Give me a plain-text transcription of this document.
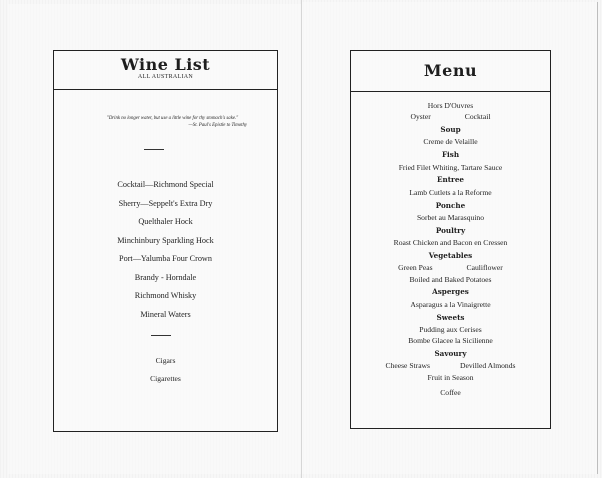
Wine List
ALL AUSTRALIAN
"Drink no longer water, but use a little wine for thy stomach's sake."
—St. Paul's Epistle to Timothy
Cocktail—Richmond Special
Sherry—Seppelt's Extra Dry
Quelthaler Hock
Minchinbury Sparkling Hock
Port—Yalumba Four Crown
Brandy - Horndale
Richmond Whisky
Mineral Waters
Cigars
Cigarettes
Menu
Hors D'Ouvres
Oyster	Cocktail
Soup
Creme de Velaille
Fish
Fried Filet Whiting, Tartare Sauce
Entree
Lamb Cutlets a la Reforme
Ponche
Sorbet au Marasquino
Poultry
Roast Chicken and Bacon en Cressen
Vegetables
Green Peas	Cauliflower
Boiled and Baked Potatoes
Asperges
Asparagus a la Vinaigrette
Sweets
Pudding aux Cerises
Bombe Glacee la Sicilienne
Savoury
Cheese Straws	Devilled Almonds
Fruit in Season
Coffee
